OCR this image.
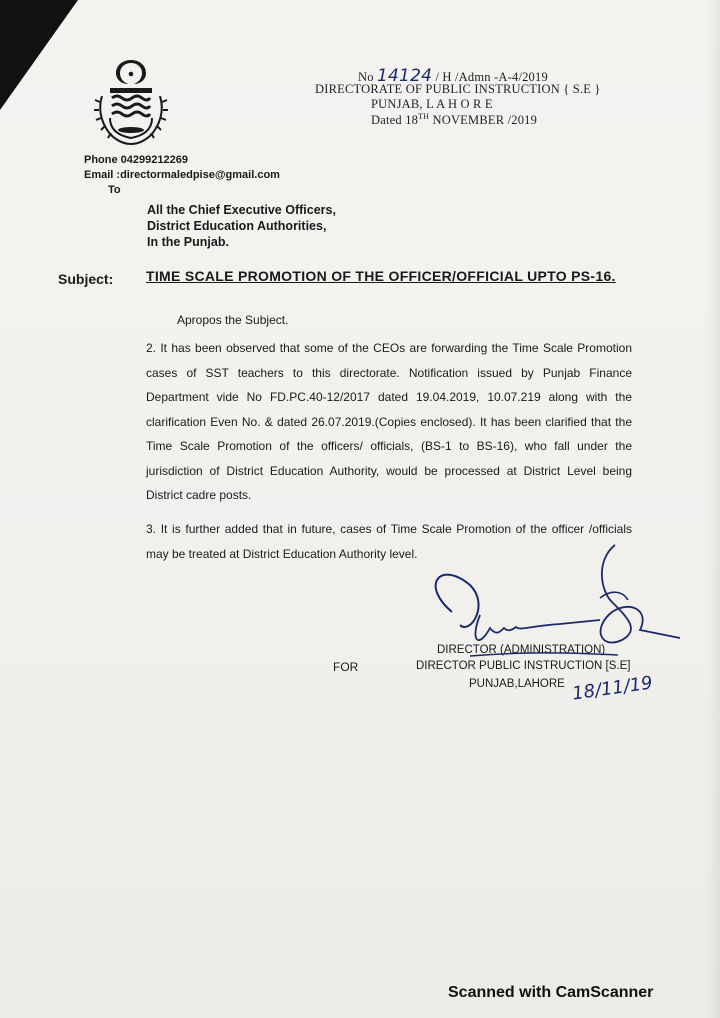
No 14124 / H /Admn -A-4/2019
DIRECTORATE OF PUBLIC INSTRUCTION { S.E }
PUNJAB, L A H O R E
Dated 18TH NOVEMBER /2019
Phone 04299212269
Email :directormaledpise@gmail.com
To
All the Chief Executive Officers,
District Education Authorities,
In the Punjab.
Subject: TIME SCALE PROMOTION OF THE OFFICER/OFFICIAL UPTO PS-16.
Apropos the Subject.
2. It has been observed that some of the CEOs are forwarding the Time Scale Promotion cases of SST teachers to this directorate. Notification issued by Punjab Finance Department vide No FD.PC.40-12/2017 dated 19.04.2019, 10.07.219 along with the clarification Even No. & dated 26.07.2019.(Copies enclosed). It has been clarified that the Time Scale Promotion of the officers/ officials, (BS-1 to BS-16), who fall under the jurisdiction of District Education Authority, would be processed at District Level being District cadre posts.
3. It is further added that in future, cases of Time Scale Promotion of the officer /officials may be treated at District Education Authority level.
FOR
DIRECTOR (ADMINISTRATION)
DIRECTOR PUBLIC INSTRUCTION [S.E]
PUNJAB,LAHORE 18/11/19
Scanned with CamScanner
